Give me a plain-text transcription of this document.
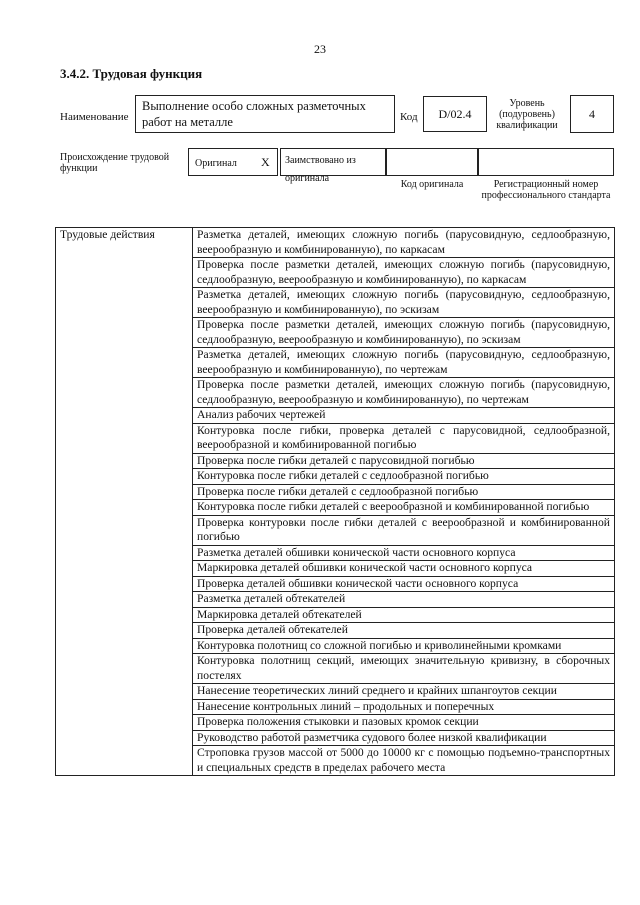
23
3.4.2. Трудовая функция
Наименование
Выполнение особо сложных разметочных работ на металле	Код D/02.4
Уровень (подуровень) квалификации
4
Происхождение трудовой функции	Оригинал X	Заимствовано из оригинала
Код оригинала	Регистрационный номер профессионального стандарта
Трудовые действия	Разметка деталей, имеющих сложную погибь (парусовидную, седлообразную, веерообразную и комбинированную), по каркасам
Проверка после разметки деталей, имеющих сложную погибь (парусовидную, седлообразную, веерообразную и комбинированную), по каркасам
Разметка деталей, имеющих сложную погибь (парусовидную, седлообразную, веерообразную и комбинированную), по эскизам
Проверка после разметки деталей, имеющих сложную погибь (парусовидную, седлообразную, веерообразную и комбинированную), по эскизам
Разметка деталей, имеющих сложную погибь (парусовидную, седлообразную, веерообразную и комбинированную), по чертежам
Проверка после разметки деталей, имеющих сложную погибь (парусовидную, седлообразную, веерообразную и комбинированную), по чертежам
Анализ рабочих чертежей
Контуровка после гибки, проверка деталей с парусовидной, седлообразной, веерообразной и комбинированной погибью
Проверка после гибки деталей с парусовидной погибью
Контуровка после гибки деталей с седлообразной погибью
Проверка после гибки деталей с седлообразной погибью
Контуровка после гибки деталей с веерообразной и комбинированной погибью
Проверка контуровки после гибки деталей с веерообразной и комбинированной погибью
Разметка деталей обшивки конической части основного корпуса
Маркировка деталей обшивки конической части основного корпуса
Проверка деталей обшивки конической части основного корпуса
Разметка деталей обтекателей
Маркировка деталей обтекателей
Проверка деталей обтекателей
Контуровка полотнищ со сложной погибью и криволинейными кромками
Контуровка полотнищ секций, имеющих значительную кривизну, в сборочных постелях
Нанесение теоретических линий среднего и крайних шпангоутов секции
Нанесение контрольных линий – продольных и поперечных
Проверка положения стыковки и пазовых кромок секции
Руководство работой разметчика судового более низкой квалификации
Строповка грузов массой от 5000 до 10000 кг с помощью подъемно-транспортных и специальных средств в пределах рабочего места
